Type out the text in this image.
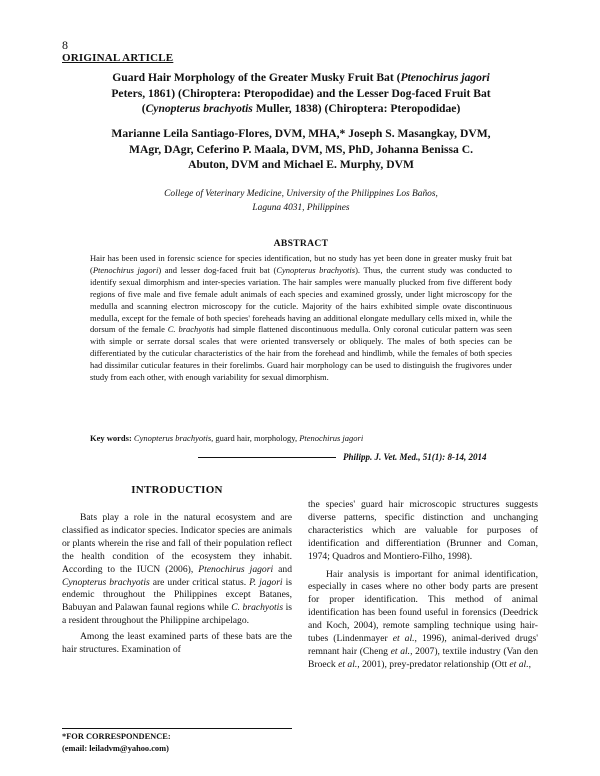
8
ORIGINAL ARTICLE
Guard Hair Morphology of the Greater Musky Fruit Bat (Ptenochirus jagori
Peters, 1861) (Chiroptera: Pteropodidae) and the Lesser Dog-faced Fruit Bat
(Cynopterus brachyotis Muller, 1838) (Chiroptera: Pteropodidae)
Marianne Leila Santiago-Flores, DVM, MHA,* Joseph S. Masangkay, DVM,
MAgr, DAgr, Ceferino P. Maala, DVM, MS, PhD, Johanna Benissa C.
Abuton, DVM and Michael E. Murphy, DVM
College of Veterinary Medicine, University of the Philippines Los Baños,
Laguna 4031, Philippines
ABSTRACT
Hair has been used in forensic science for species identification, but no study has yet been done in greater musky fruit bat (Ptenochirus jagori) and lesser dog-faced fruit bat (Cynopterus brachyotis). Thus, the current study was conducted to identify sexual dimorphism and inter-species variation. The hair samples were manually plucked from five different body regions of five male and five female adult animals of each species and examined grossly, under light microscopy for the medulla and scanning electron microscopy for the cuticle. Majority of the hairs exhibited simple ovate discontinuous medulla, except for the female of both species' foreheads having an additional elongate medullary cells mixed in, while the dorsum of the female C. brachyotis had simple flattened discontinuous medulla. Only coronal cuticular pattern was seen with simple or serrate dorsal scales that were oriented transversely or obliquely. The males of both species can be differentiated by the cuticular characteristics of the hair from the forehead and hindlimb, while the females of both species had dissimilar cuticular features in their forelimbs. Guard hair morphology can be used to distinguish the frugivores under study from each other, with enough variability for sexual dimorphism.
Key words: Cynopterus brachyotis, guard hair, morphology, Ptenochirus jagori
Philipp. J. Vet. Med., 51(1): 8-14, 2014
INTRODUCTION

Bats play a role in the natural ecosystem and are classified as indicator species. Indicator species are animals or plants wherein the rise and fall of their population reflect the health condition of the ecosystem they inhabit. According to the IUCN (2006), Ptenochirus jagori and Cynopterus brachyotis are under critical status. P. jagori is endemic throughout the Philippines except Batanes, Babuyan and Palawan faunal regions while C. brachyotis is a resident throughout the Philippine archipelago.

Among the least examined parts of these bats are the hair structures. Examination of

the species' guard hair microscopic structures suggests diverse patterns, specific distinction and unchanging characteristics which are valuable for purposes of identification and differentiation (Brunner and Coman, 1974; Quadros and Montiero-Filho, 1998).

Hair analysis is important for animal identification, especially in cases where no other body parts are present for proper identification. This method of animal identification has been found useful in forensics (Deedrick and Koch, 2004), remote sampling technique using hair-tubes (Lindenmayer et al., 1996), animal-derived drugs' remnant hair (Cheng et al., 2007), textile industry (Van den Broeck et al., 2001), prey-predator relationship (Ott et al.,

*FOR CORRESPONDENCE:
(email: leiladvm@yahoo.com)
